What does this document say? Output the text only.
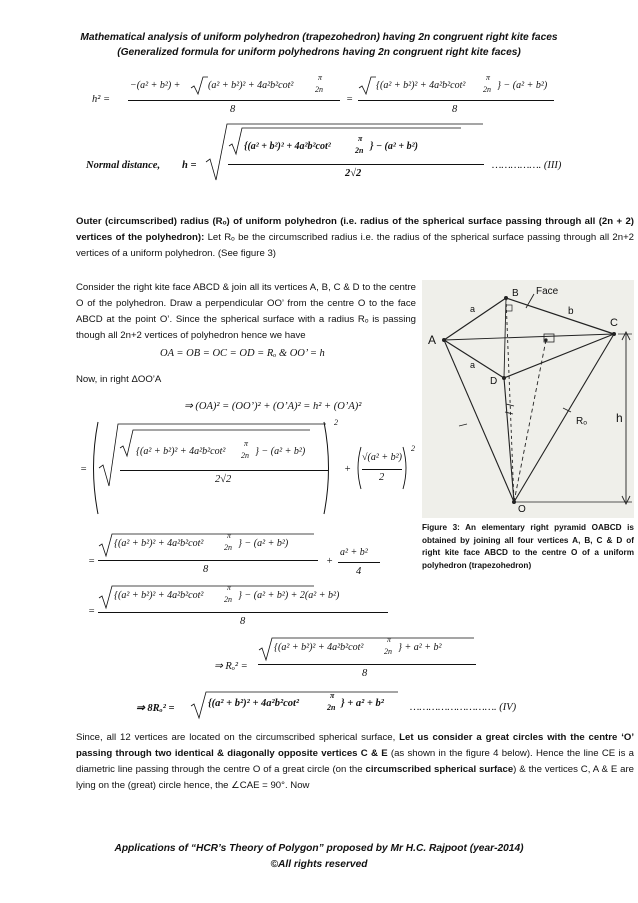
Mathematical analysis of uniform polyhedron (trapezohedron) having 2n congruent right kite faces
(Generalized formula for uniform polyhedrons having 2n congruent right kite faces)
h² =
−(a² + b²) +	(a² + b²)² + 4a²b²cot²
π
2n
8
=
{(a² + b²)² + 4a²b²cot²
π
2n } − (a² + b²)
8
Normal distance, h =
{(a² + b²)² + 4a²b²cot²
π
2n } − (a² + b²)
2√2
……………. (III)
Outer (circumscribed) radius (Rₒ) of uniform polyhedron (i.e. radius of the spherical surface passing through all (2n + 2) vertices of the polyhedron): Let Rₒ be the circumscribed radius i.e. the radius of the spherical surface passing through all 2n+2 vertices of a uniform polyhedron. (See figure 3)
Consider the right kite face ABCD & join all its vertices A, B, C & D to the centre O of the polyhedron. Draw a perpendicular OO’ from the centre O to the face ABCD at the point O’. Since the spherical surface with a radius Rₒ is passing though all 2n+2 vertices of polyhedron hence we have
OA = OB = OC = OD = Rₒ & OO’ = h
Now, in right ΔOO’A
⇒ (OA)² = (OO’)² + (O’A)² = h² + (O’A)²
=
{(a² + b²)² + 4a²b²cot²
π
2n } − (a² + b²)
2√2
2
+
√(a² + b²)
2
2
=
{(a² + b²)² + 4a²b²cot²
π
2n } − (a² + b²)
8
+
a² + b²
4
=
{(a² + b²)² + 4a²b²cot²
π
2n } − (a² + b²) + 2(a² + b²)
8
⇒ Rₒ² =
{(a² + b²)² + 4a²b²cot²
π
2n } + a² + b²
8
⇒ 8Rₒ² =	{(a² + b²)² + 4a²b²cot²
π
2n } + a² + b² ………………………. (IV)
Since, all 12 vertices are located on the circumscribed spherical surface, Let us consider a great circles with the centre ‘O’ passing through two identical & diagonally opposite vertices C & E (as shown in the figure 4 below). Hence the line CE is a diametric line passing through the centre O of a great circle (on the circumscribed spherical surface) & the vertices C, A & E are lying on the (great) circle hence, the ∠CAE = 90°. Now
A
B
C
D
O
Face
b
a
a
h
Rₒ
Figure 3: An elementary right pyramid OABCD is obtained by joining all four vertices A, B, C & D of right kite face ABCD to the centre O of a uniform polyhedron (trapezohedron)
Applications of “HCR’s Theory of Polygon” proposed by Mr H.C. Rajpoot (year-2014)
©All rights reserved
